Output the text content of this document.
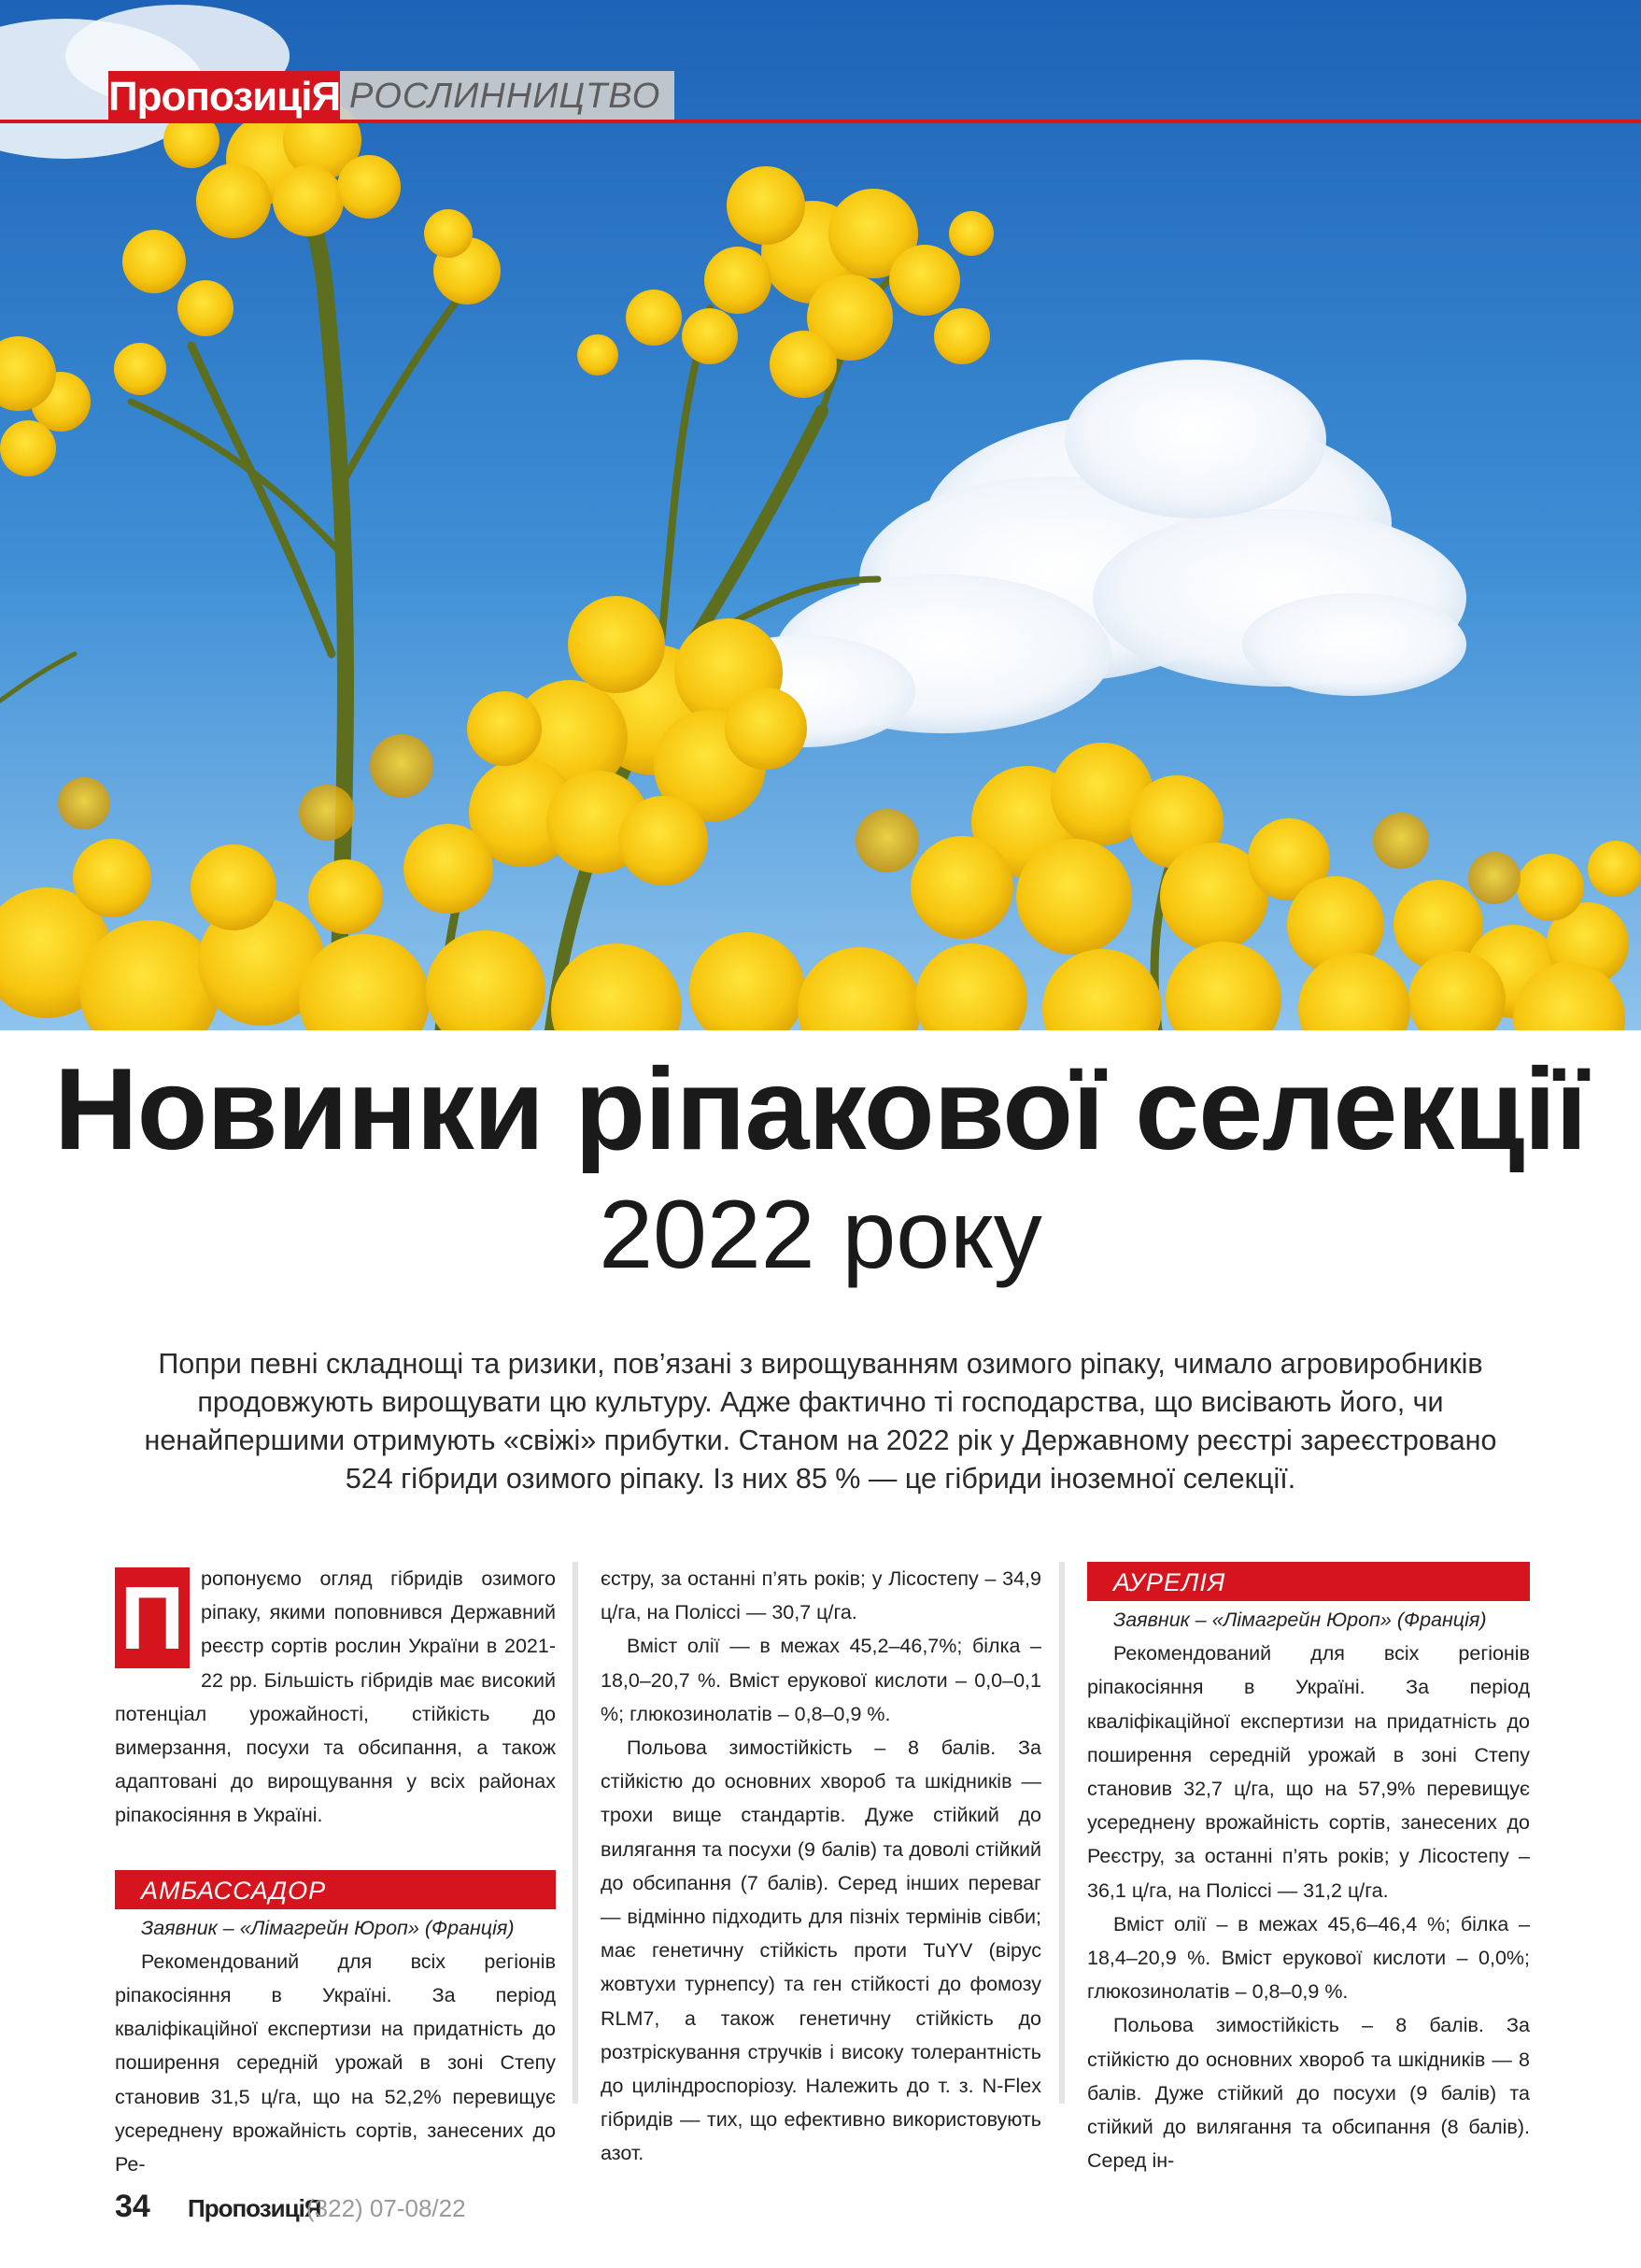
ПропозиціЯ РОСЛИННИЦТВО
Новинки ріпакової селекції
2022 року

Попри певні складнощі та ризики, пов’язані з вирощуванням озимого ріпаку, чимало агровиробників продовжують вирощувати цю культуру. Адже фактично ті господарства, що висівають його, чи ненайпершими отримують «свіжі» прибутки. Станом на 2022 рік у Державному реєстрі зареєстровано 524 гібриди озимого ріпаку. Із них 85 % — це гібриди іноземної селекції.

П ропонуємо огляд гібридів озимого ріпаку, якими поповнився Державний реєстр сортів рослин України в 2021-22 рр. Більшість гібридів має високий потенціал урожайності, стійкість до вимерзання, посухи та обсипання, а також адаптовані до вирощування у всіх районах ріпакосіяння в Україні.

АМБАССАДОР

Заявник – «Лімагрейн Юроп» (Франція)

Рекомендований для всіх регіонів ріпакосіяння в Україні. За період кваліфікаційної експертизи на придатність до поширення середній урожай в зоні Степу становив 31,5 ц/га, що на 52,2% перевищує усереднену врожайність сортів, занесених до Ре-

єстру, за останні п’ять років; у Лісостепу – 34,9 ц/га, на Поліссі — 30,7 ц/га.

Вміст олії — в межах 45,2–46,7%; білка – 18,0–20,7 %. Вміст ерукової кислоти – 0,0–0,1 %; глюкозинолатів – 0,8–0,9 %.

Польова зимостійкість – 8 балів. За стійкістю до основних хвороб та шкідників — трохи вище стандартів. Дуже стійкий до вилягання та посухи (9 балів) та доволі стійкий до обсипання (7 балів). Серед інших переваг — відмінно підходить для пізніх термінів сівби; має генетичну стійкість проти TuYV (вірус жовтухи турнепсу) та ген стійкості до фомозу RLM7, а також генетичну стійкість до розтріскування стручків і високу толерантність до циліндроспоріозу. Належить до т. з. N-Flex гібридів — тих, що ефективно використовують азот.

АУРЕЛІЯ

Заявник – «Лімагрейн Юроп» (Франція)

Рекомендований для всіх регіонів ріпакосіяння в Україні. За період кваліфікаційної експертизи на придатність до поширення середній урожай в зоні Степу становив 32,7 ц/га, що на 57,9% перевищує усереднену врожайність сортів, занесених до Реєстру, за останні п’ять років; у Лісостепу – 36,1 ц/га, на Поліссі — 31,2 ц/га.

Вміст олії – в межах 45,6–46,4 %; білка – 18,4–20,9 %. Вміст ерукової кислоти – 0,0%; глюкозинолатів – 0,8–0,9 %.

Польова зимостійкість – 8 балів. За стійкістю до основних хвороб та шкідників — 8 балів. Дуже стійкий до посухи (9 балів) та стійкий до вилягання та обсипання (8 балів). Серед ін-

34 ПропозиціЯ
(322) 07-08/22
